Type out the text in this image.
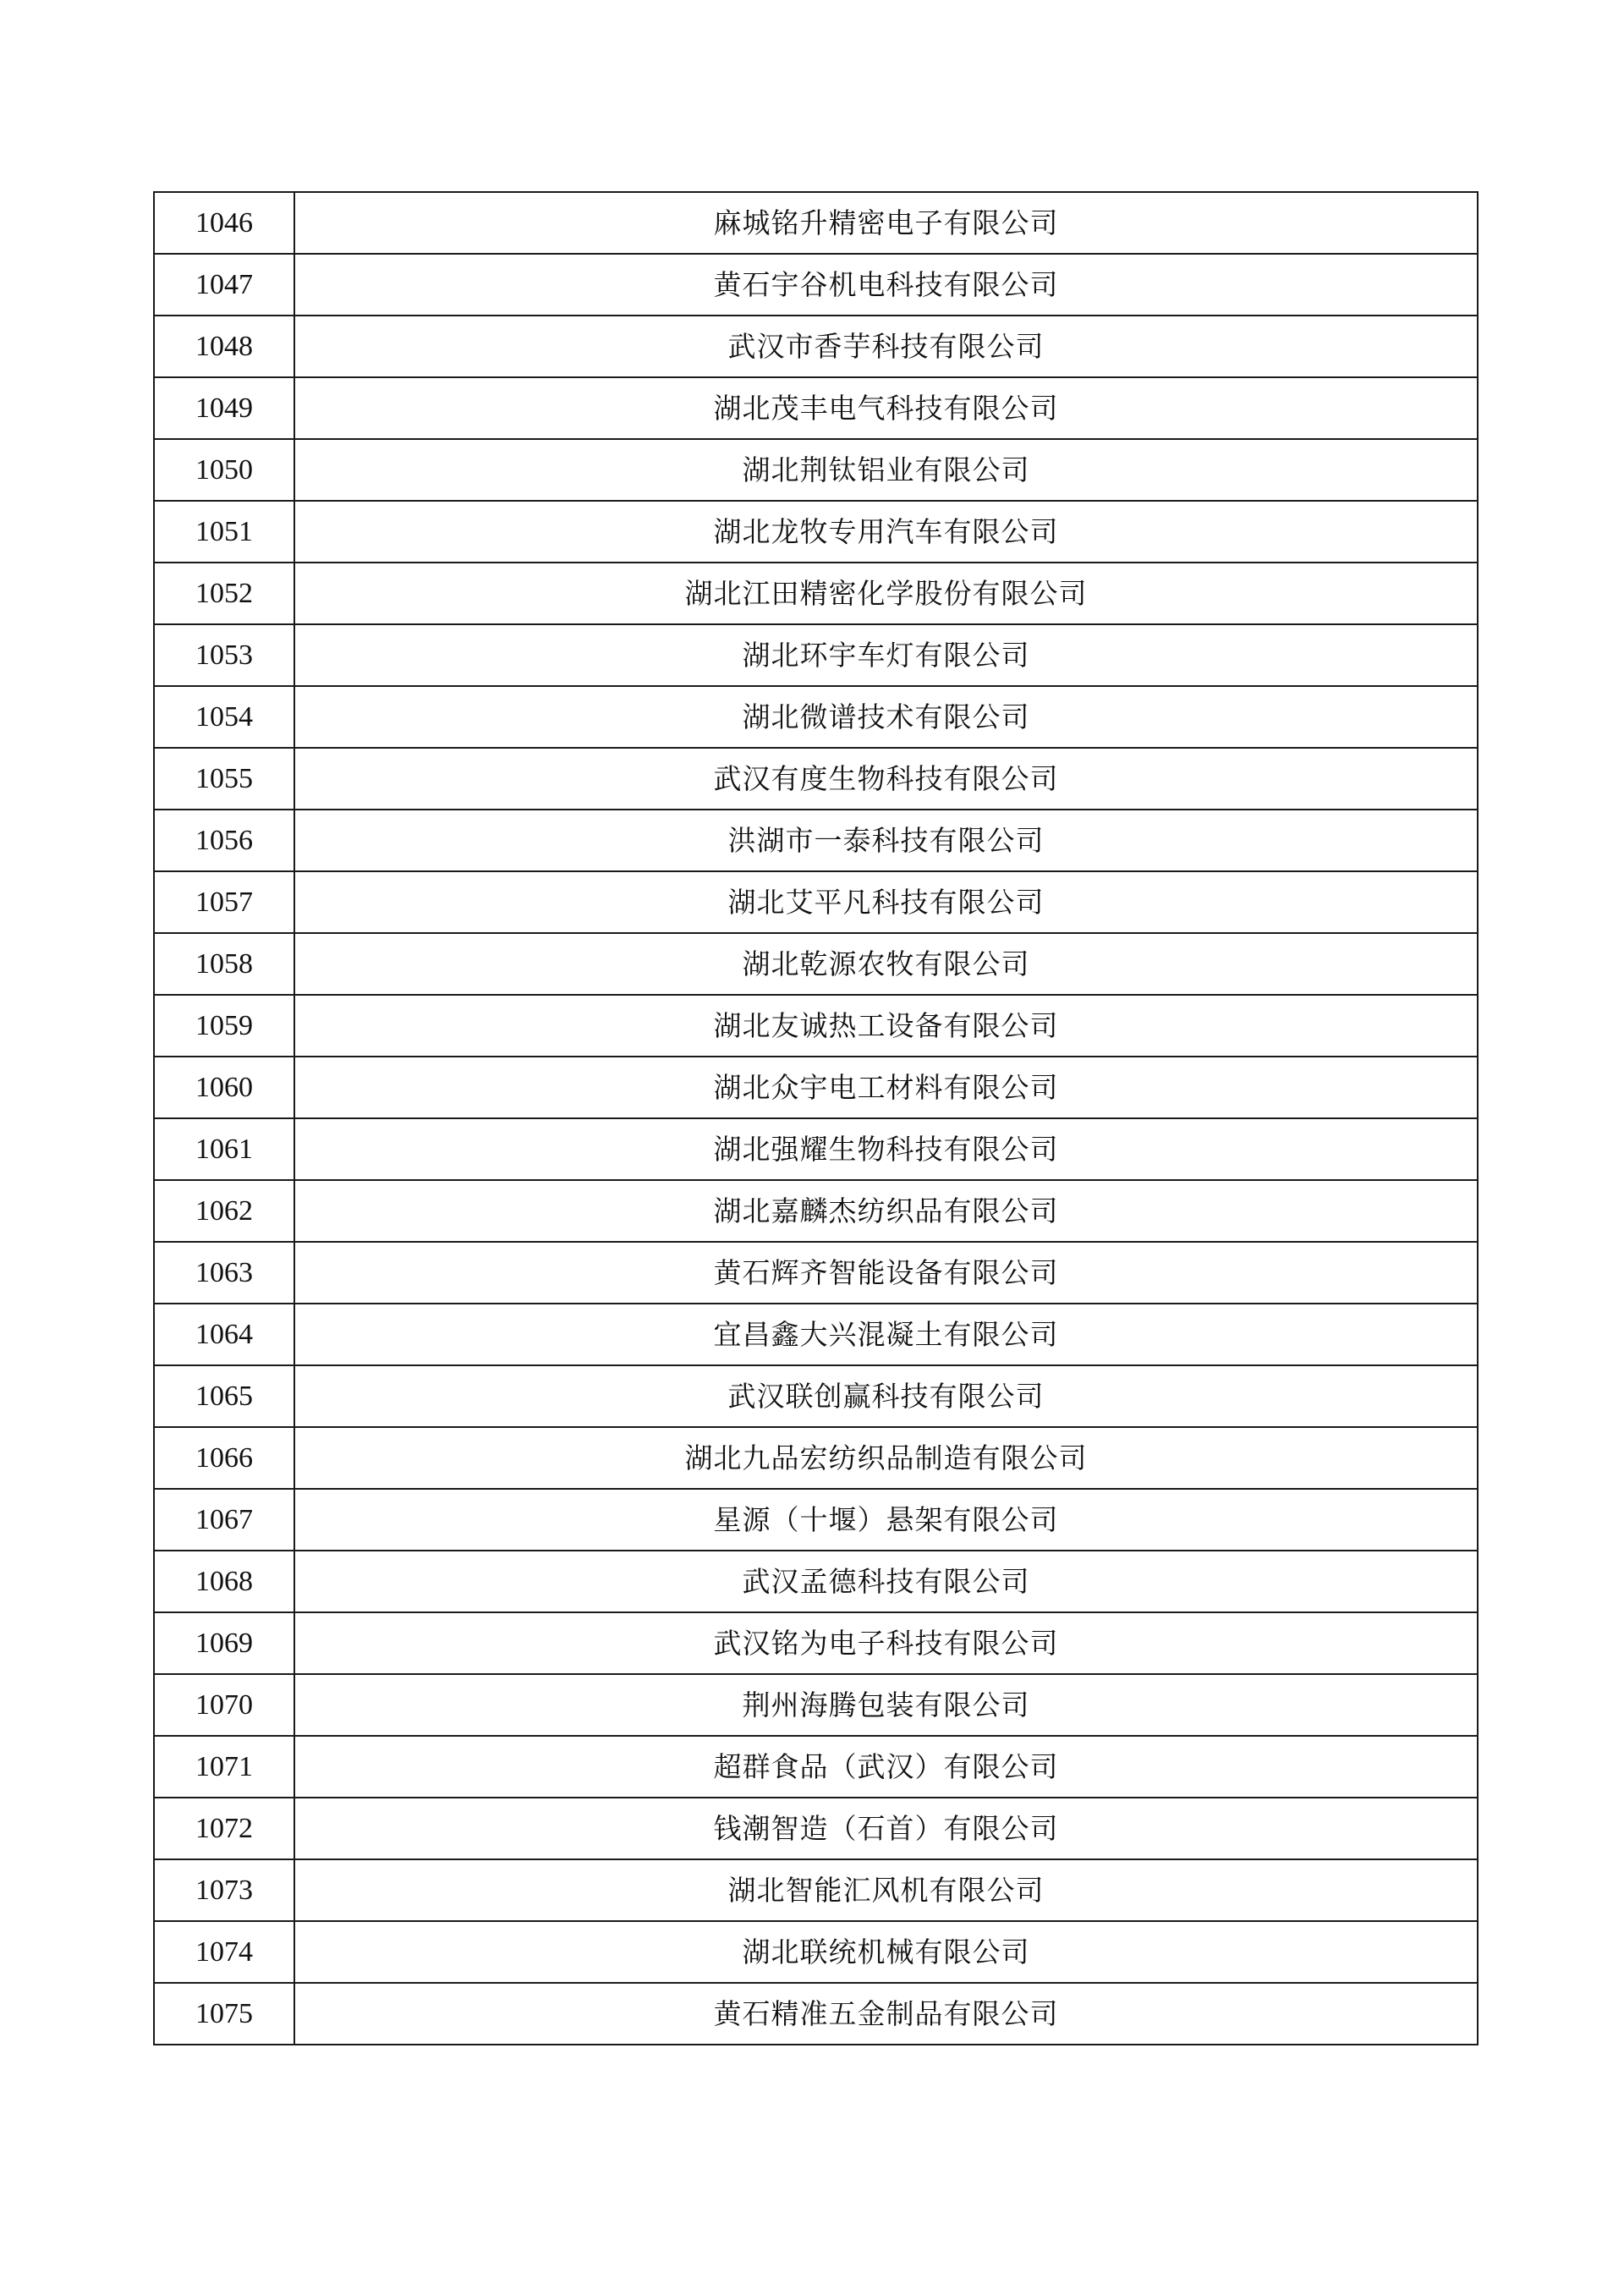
1046	麻城铭升精密电子有限公司
1047	黄石宇谷机电科技有限公司
1048	武汉市香芋科技有限公司
1049	湖北茂丰电气科技有限公司
1050	湖北荆钛铝业有限公司
1051	湖北龙牧专用汽车有限公司
1052	湖北江田精密化学股份有限公司
1053	湖北环宇车灯有限公司
1054	湖北微谱技术有限公司
1055	武汉有度生物科技有限公司
1056	洪湖市一泰科技有限公司
1057	湖北艾平凡科技有限公司
1058	湖北乾源农牧有限公司
1059	湖北友诚热工设备有限公司
1060	湖北众宇电工材料有限公司
1061	湖北强耀生物科技有限公司
1062	湖北嘉麟杰纺织品有限公司
1063	黄石辉齐智能设备有限公司
1064	宜昌鑫大兴混凝土有限公司
1065	武汉联创赢科技有限公司
1066	湖北九品宏纺织品制造有限公司
1067	星源（十堰）悬架有限公司
1068	武汉孟德科技有限公司
1069	武汉铭为电子科技有限公司
1070	荆州海腾包装有限公司
1071	超群食品（武汉）有限公司
1072	钱潮智造（石首）有限公司
1073	湖北智能汇风机有限公司
1074	湖北联统机械有限公司
1075	黄石精准五金制品有限公司
